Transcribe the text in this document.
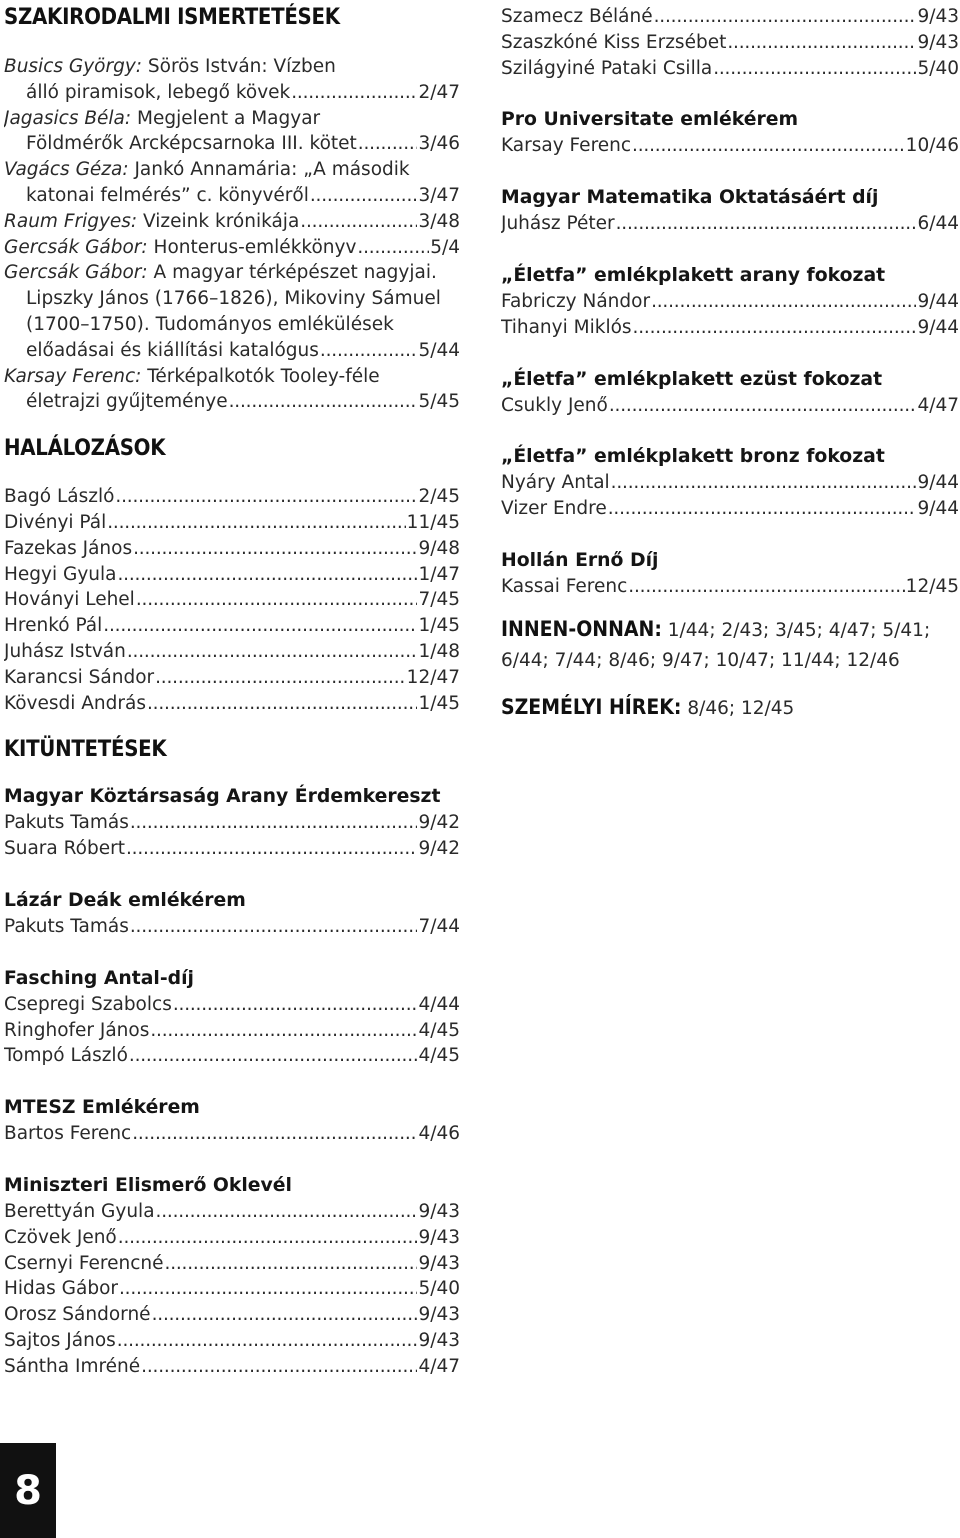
SZAKIRODALMI ISMERTETÉSEK
Busics György: Sörös István: Vízben
álló piramisok, lebegő kövek .....	2/47
Jagasics Béla: Megjelent a Magyar
Földmérők Arcképcsarnoka III. kötet .....	3/46
Vagács Géza: Jankó Annamária: „A második
katonai felmérés” c. könyvéről .....	3/47
Raum Frigyes: Vizeink krónikája .....	3/48
Gercsák Gábor: Honterus-emlékkönyv .....	5/4
Gercsák Gábor: A magyar térképészet nagyjai.
Lipszky János (1766–1826), Mikoviny Sámuel
(1700–1750). Tudományos emlékülések
előadásai és kiállítási katalógus .....	5/44
Karsay Ferenc: Térképalkotók Tooley-féle
életrajzi gyűjteménye .....	5/45
HALÁLOZÁSOK
Bagó László .....	2/45
Divényi Pál .....	11/45
Fazekas János .....	9/48
Hegyi Gyula .....	1/47
Hoványi Lehel .....	7/45
Hrenkó Pál .....	1/45
Juhász István .....	1/48
Karancsi Sándor .....	12/47
Kövesdi András .....	1/45
KITÜNTETÉSEK
Magyar Köztársaság Arany Érdemkereszt
Pakuts Tamás .....	9/42
Suara Róbert .....	9/42
Lázár Deák emlékérem
Pakuts Tamás .....	7/44
Fasching Antal-díj
Csepregi Szabolcs .....	4/44
Ringhofer János .....	4/45
Tompó László .....	4/45
MTESZ Emlékérem
Bartos Ferenc .....	4/46
Miniszteri Elismerő Oklevél
Berettyán Gyula .....	9/43
Czövek Jenő .....	9/43
Csernyi Ferencné .....	9/43
Hidas Gábor .....	5/40
Orosz Sándorné .....	9/43
Sajtos János .....	9/43
Sántha Imréné .....	4/47
Szamecz Béláné .....	9/43
Szaszkóné Kiss Erzsébet .....	9/43
Szilágyiné Pataki Csilla .....	5/40
Pro Universitate emlékérem
Karsay Ferenc .....	10/46
Magyar Matematika Oktatásáért díj
Juhász Péter .....	6/44
„Életfa” emlékplakett arany fokozat
Fabriczy Nándor .....	9/44
Tihanyi Miklós .....	9/44
„Életfa” emlékplakett ezüst fokozat
Csukly Jenő .....	4/47
„Életfa” emlékplakett bronz fokozat
Nyáry Antal .....	9/44
Vizer Endre .....	9/44
Hollán Ernő Díj
Kassai Ferenc .....	12/45
INNEN-ONNAN: 1/44; 2/43; 3/45; 4/47; 5/41; 6/44; 7/44; 8/46; 9/47; 10/47; 11/44; 12/46
SZEMÉLYI HÍREK: 8/46; 12/45
8
